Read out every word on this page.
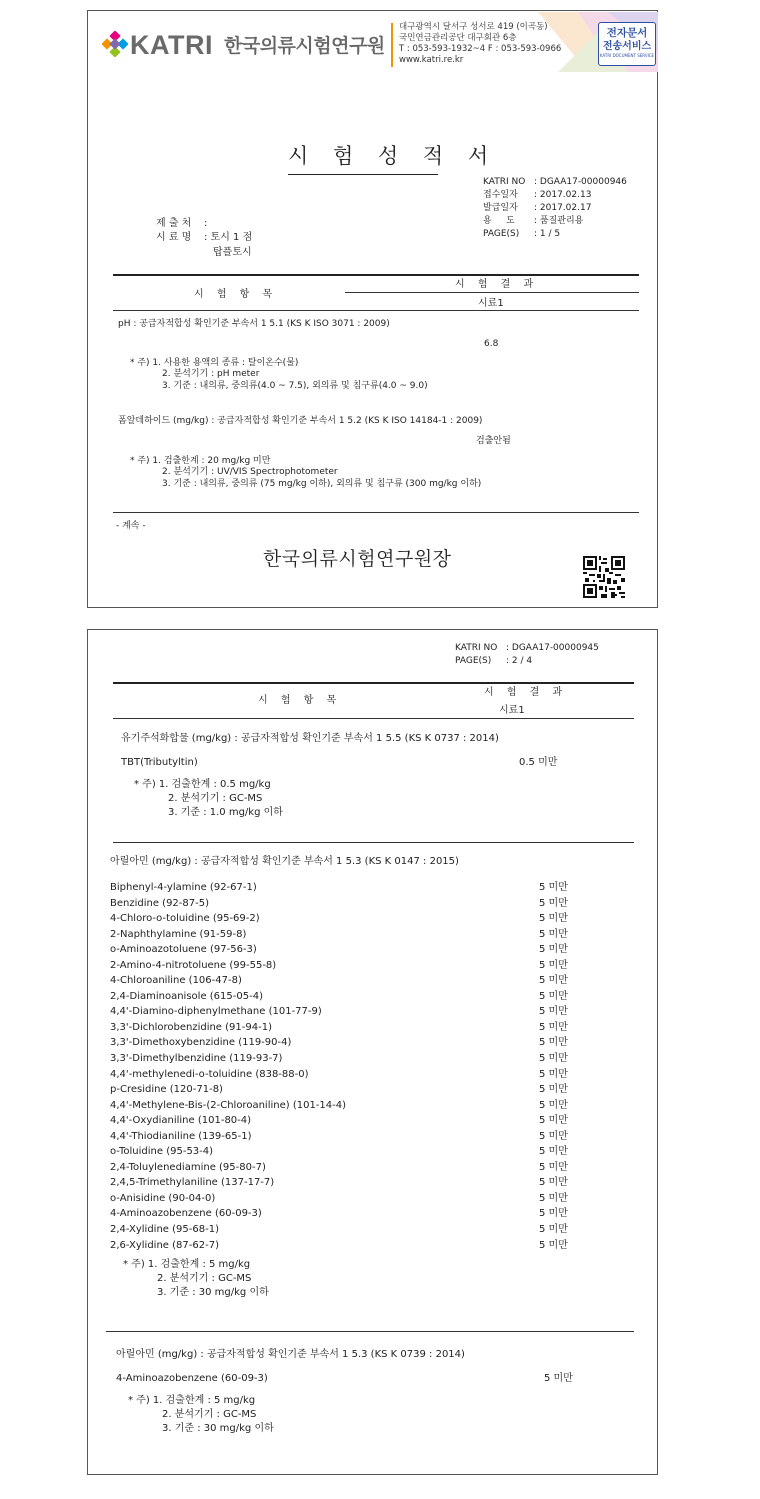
KATRI 한국의류시험연구원
대구광역시 달서구 성서로 419 (이곡동)
국민연금관리공단 대구회관 6층
T : 053-593-1932~4 F : 053-593-0966
www.katri.re.kr
전자문서
전송서비스
KATRI DOCUMENT SERVICE
시 험 성 적 서
KATRI NO
접수일자
발급일자
용     도
PAGE(S)
: DGAA17-00000946
: 2017.02.13
: 2017.02.17
: 품질관리용
: 1 / 5
제 출 처 :
시 료 명 : 토시 1 점
탑플토시
시 험 항 목
시 험 결 과
시료1
pH : 공급자적합성 확인기준 부속서 1 5.1 (KS K ISO 3071 : 2009)
6.8
* 주) 1. 사용한 용액의 종류 : 탈이온수(물)
2. 분석기기 : pH meter
3. 기준 : 내의류, 중의류(4.0 ~ 7.5), 외의류 및 침구류(4.0 ~ 9.0)
폼알데하이드 (mg/kg) : 공급자적합성 확인기준 부속서 1 5.2 (KS K ISO 14184-1 : 2009)
검출안됨
* 주) 1. 검출한계 : 20 mg/kg 미만
2. 분석기기 : UV/VIS Spectrophotometer
3. 기준 : 내의류, 중의류 (75 mg/kg 이하), 외의류 및 침구류 (300 mg/kg 이하)
- 계속 -
한국의류시험연구원장
KATRI NO
PAGE(S)
: DGAA17-00000945
: 2 / 4
시 험 항 목
시 험 결 과
시료1
유기주석화합물 (mg/kg) : 공급자적합성 확인기준 부속서 1 5.5 (KS K 0737 : 2014)
TBT(Tributyltin)	0.5 미만
* 주) 1. 검출한계 : 0.5 mg/kg
2. 분석기기 : GC-MS
3. 기준 : 1.0 mg/kg 이하
아릴아민 (mg/kg) : 공급자적합성 확인기준 부속서 1 5.3 (KS K 0147 : 2015)
Biphenyl-4-ylamine (92-67-1)
Benzidine (92-87-5)
4-Chloro-o-toluidine (95-69-2)
2-Naphthylamine (91-59-8)
o-Aminoazotoluene (97-56-3)
2-Amino-4-nitrotoluene (99-55-8)
4-Chloroaniline (106-47-8)
2,4-Diaminoanisole (615-05-4)
4,4'-Diamino-diphenylmethane (101-77-9)
3,3'-Dichlorobenzidine (91-94-1)
3,3'-Dimethoxybenzidine (119-90-4)
3,3'-Dimethylbenzidine (119-93-7)
4,4'-methylenedi-o-toluidine (838-88-0)
p-Cresidine (120-71-8)
4,4'-Methylene-Bis-(2-Chloroaniline) (101-14-4)
4,4'-Oxydianiline (101-80-4)
4,4'-Thiodianiline (139-65-1)
o-Toluidine (95-53-4)
2,4-Toluylenediamine (95-80-7)
2,4,5-Trimethylaniline (137-17-7)
o-Anisidine (90-04-0)
4-Aminoazobenzene (60-09-3)
2,4-Xylidine (95-68-1)
2,6-Xylidine (87-62-7)
5 미만
5 미만
5 미만
5 미만
5 미만
5 미만
5 미만
5 미만
5 미만
5 미만
5 미만
5 미만
5 미만
5 미만
5 미만
5 미만
5 미만
5 미만
5 미만
5 미만
5 미만
5 미만
5 미만
5 미만
* 주) 1. 검출한계 : 5 mg/kg
2. 분석기기 : GC-MS
3. 기준 : 30 mg/kg 이하
아릴아민 (mg/kg) : 공급자적합성 확인기준 부속서 1 5.3 (KS K 0739 : 2014)
4-Aminoazobenzene (60-09-3)	5 미만
* 주) 1. 검출한계 : 5 mg/kg
2. 분석기기 : GC-MS
3. 기준 : 30 mg/kg 이하
